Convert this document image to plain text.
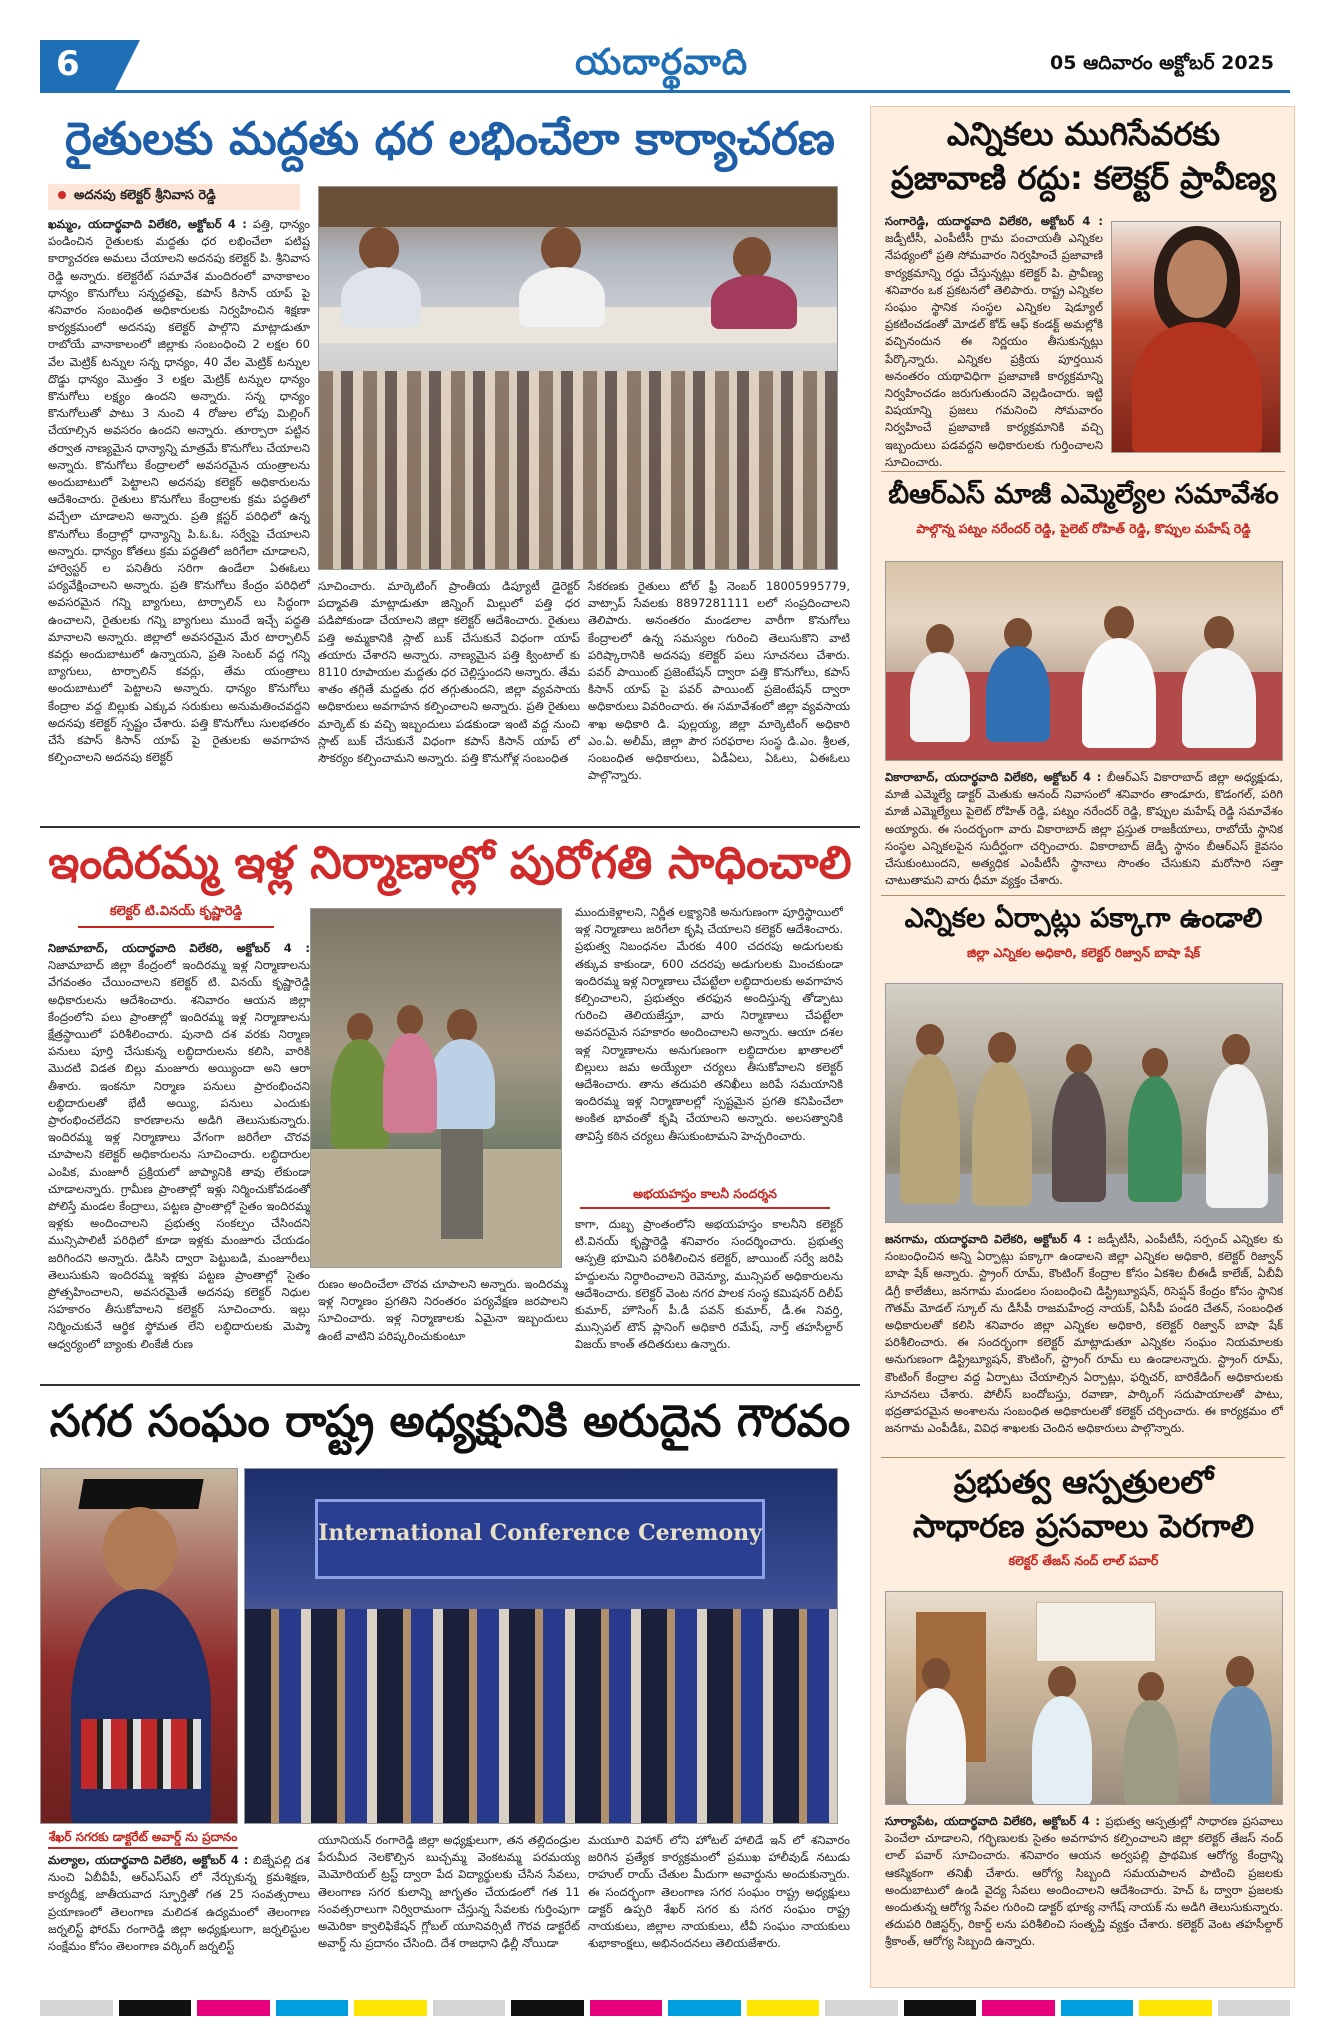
6	యదార్థవాది	05 ఆదివారం అక్టోబర్ 2025
రైతులకు మద్దతు ధర లభించేలా కార్యాచరణ
అదనపు కలెక్టర్ శ్రీనివాస రెడ్డి
ఖమ్మం, యదార్థవాది విలేకరి, అక్టోబర్ 4 : పత్తి, ధాన్యం పండించిన రైతులకు మద్దతు ధర లభించేలా పటిష్ట కార్యాచరణ అమలు చేయాలని అదనపు కలెక్టర్ పి. శ్రీనివాస రెడ్డి అన్నారు. కలెక్టరేట్ సమావేశ మందిరంలో వానాకాలం ధాన్యం కొనుగోలు సన్నద్ధతపై, కపాస్ కిసాన్ యాప్ పై శనివారం సంబంధిత అధికారులకు నిర్వహించిన శిక్షణా కార్యక్రమంలో అదనపు కలెక్టర్ పాల్గొని మాట్లాడుతూ రాబోయే వానాకాలంలో జిల్లాకు సంబంధించి 2 లక్షల 60 వేల మెట్రిక్ టన్నుల సన్న ధాన్యం, 40 వేల మెట్రిక్ టన్నుల దొడ్డు ధాన్యం మొత్తం 3 లక్షల మెట్రిక్ టన్నుల ధాన్యం కొనుగోలు లక్ష్యం ఉందని అన్నారు. సన్న ధాన్యం కొనుగోలుతో పాటు 3 నుంచి 4 రోజుల లోపు మిల్లింగ్ చేయాల్సిన అవసరం ఉందని అన్నారు. తూర్పారా పట్టిన తర్వాత నాణ్యమైన ధాన్యాన్ని మాత్రమే కొనుగోలు చేయాలని అన్నారు. కొనుగోలు కేంద్రాలలో అవసరమైన యంత్రాలను అందుబాటులో పెట్టాలని అదనపు కలెక్టర్ అధికారులను ఆదేశించారు. రైతులు కొనుగోలు కేంద్రాలకు క్రమ పద్ధతిలో వచ్చేలా చూడాలని అన్నారు. ప్రతి క్లస్టర్ పరిధిలో ఉన్న కొనుగోలు కేంద్రాల్లో ధాన్యాన్ని పి.ఓ.ఓ. సర్వేపై చేయాలని అన్నారు. ధాన్యం కోతలు క్రమ పద్ధతిలో జరిగేలా చూడాలని, హార్వెస్టర్ ల పనితీరు సరిగా ఉండేలా ఏఈఓలు పర్యవేక్షించాలని అన్నారు. ప్రతి కొనుగోలు కేంద్రం పరిధిలో అవసరమైన గన్ని బ్యాగులు, టార్పాలిన్ లు సిద్ధంగా ఉంచాలని, రైతులకు గన్ని బ్యాగులు ముందే ఇచ్చే పద్ధతి మానాలని అన్నారు. జిల్లాలో అవసరమైన మేర టార్పాలిన్ కవర్లు అందుబాటులో ఉన్నాయని, ప్రతి సెంటర్ వద్ద గన్ని బ్యాగులు, టార్పాలిన్ కవర్లు, తేమ యంత్రాలు అందుబాటులో పెట్టాలని అన్నారు. ధాన్యం కొనుగోలు కేంద్రాల వద్ద బిల్లుకు ఎక్కువ సరుకులు అనుమతించవద్దని అదనపు కలెక్టర్ స్పష్టం చేశారు. పత్తి కొనుగోలు సులభతరం చేసే కపాస్ కిసాన్ యాప్ పై రైతులకు అవగాహన కల్పించాలని అదనపు కలెక్టర్
సూచించారు. మార్కెటింగ్ ప్రాంతీయ డిప్యూటీ డైరెక్టర్ పద్మావతి మాట్లాడుతూ జిన్నింగ్ మిల్లులో పత్తి ధర పడిపోకుండా చేయాలని జిల్లా కలెక్టర్ ఆదేశించారు. రైతులు పత్తి అమ్మకానికి స్లాట్ బుక్ చేసుకునే విధంగా యాప్ తయారు చేశారని అన్నారు. నాణ్యమైన పత్తి క్వింటాల్ కు 8110 రూపాయల మద్దతు ధర చెల్లిస్తుందని అన్నారు. తేమ శాతం తగ్గితే మద్దతు ధర తగ్గుతుందని, జిల్లా వ్యవసాయ అధికారులు అవగాహన కల్పించాలని అన్నారు. ప్రతి రైతులు మార్కెట్ కు వచ్చి ఇబ్బందులు పడకుండా ఇంటి వద్ద నుంచి స్లాట్ బుక్ చేసుకునే విధంగా కపాస్ కిసాన్ యాప్ లో సౌకర్యం కల్పించామని అన్నారు. పత్తి కొనుగోళ్ల సంబంధిత
సేకరణకు రైతులు టోల్ ఫ్రీ నెంబర్ 18005995779, వాట్సాప్ సేవలకు 8897281111 లలో సంప్రదించాలని తెలిపారు. అనంతరం మండలాల వారీగా కొనుగోలు కేంద్రాలలో ఉన్న సమస్యల గురించి తెలుసుకొని వాటి పరిష్కారానికి అదనపు కలెక్టర్ పలు సూచనలు చేశారు. పవర్ పాయింట్ ప్రజెంటేషన్ ద్వారా పత్తి కొనుగోలు, కపాస్ కిసాన్ యాప్ పై పవర్ పాయింట్ ప్రజెంటేషన్ ద్వారా అధికారులు వివరించారు. ఈ సమావేశంలో జిల్లా వ్యవసాయ శాఖ అధికారి డి. పుల్లయ్య, జిల్లా మార్కెటింగ్ అధికారి ఎం.ఏ. అలీమ్, జిల్లా పౌర సరఫరాల సంస్థ డి.ఎం. శ్రీలత, సంబంధిత అధికారులు, ఏడీఏలు, ఏఓలు, ఏఈఓలు పాల్గొన్నారు.
ఇందిరమ్మ ఇళ్ల నిర్మాణాల్లో పురోగతి సాధించాలి
కలెక్టర్ టి.వినయ్ కృష్ణారెడ్డి
నిజామాబాద్, యదార్థవాది విలేకరి, అక్టోబర్ 4 : నిజామాబాద్ జిల్లా కేంద్రంలో ఇందిరమ్మ ఇళ్ల నిర్మాణాలను వేగవంతం చేయించాలని కలెక్టర్ టి. వినయ్ కృష్ణారెడ్డి అధికారులను ఆదేశించారు. శనివారం ఆయన జిల్లా కేంద్రంలోని పలు ప్రాంతాల్లో ఇందిరమ్మ ఇళ్ల నిర్మాణాలను క్షేత్రస్థాయిలో పరిశీలించారు. పునాది దశ వరకు నిర్మాణ పనులు పూర్తి చేసుకున్న లబ్ధిదారులను కలిసి, వారికి మొదటి విడత బిల్లు మంజూరు అయ్యిందా అని ఆరా తీశారు. ఇంకనూ నిర్మాణ పనులు ప్రారంభించని లబ్ధిదారులతో భేటీ అయ్యి, పనులు ఎందుకు ప్రారంభించలేదని కారణాలను అడిగి తెలుసుకున్నారు. ఇందిరమ్మ ఇళ్ల నిర్మాణాలు వేగంగా జరిగేలా చొరవ చూపాలని కలెక్టర్ అధికారులను సూచించారు. లబ్ధిదారుల ఎంపిక, మంజూరీ ప్రక్రియలో జాప్యానికి తావు లేకుండా చూడాలన్నారు. గ్రామీణ ప్రాంతాల్లో ఇళ్లు నిర్మించుకోవడంతో పోలిస్తే మండల కేంద్రాలు, పట్టణ ప్రాంతాల్లో సైతం ఇందిరమ్మ ఇళ్లకు అందించాలని ప్రభుత్వ సంకల్పం చేసిందని మున్సిపాలిటీ పరిధిలో కూడా ఇళ్లకు మంజూరు చేయడం జరిగిందని అన్నారు. డిసిసి ద్వారా పెట్టుబడి, మంజూరీలు తెలుసుకుని ఇందిరమ్మ ఇళ్లకు పట్టణ ప్రాంతాల్లో సైతం ప్రోత్సహించాలని, అవసరమైతే అదనపు కలెక్టర్ నిధుల సహకారం తీసుకోవాలని కలెక్టర్ సూచించారు. ఇల్లు నిర్మించుకునే ఆర్థిక స్థోమత లేని లబ్ధిదారులకు మెప్మా ఆధ్వర్యంలో బ్యాంకు లింకేజీ రుణ
రుణం అందించేలా చొరవ చూపాలని అన్నారు. ఇందిరమ్మ ఇళ్ల నిర్మాణం ప్రగతిని నిరంతరం పర్యవేక్షణ జరపాలని సూచించారు. ఇళ్ల నిర్మాణాలకు ఏమైనా ఇబ్బందులు ఉంటే వాటిని పరిష్కరించుకుంటూ
ముందుకెళ్లాలని, నిర్ణీత లక్ష్యానికి అనుగుణంగా పూర్తిస్థాయిలో ఇళ్ల నిర్మాణాలు జరిగేలా కృషి చేయాలని కలెక్టర్ ఆదేశించారు. ప్రభుత్వ నిబంధనల మేరకు 400 చదరపు అడుగులకు తక్కువ కాకుండా, 600 చదరపు అడుగులకు మించకుండా ఇందిరమ్మ ఇళ్ల నిర్మాణాలు చేపట్టేలా లబ్ధిదారులకు అవగాహన కల్పించాలని, ప్రభుత్వం తరఫున అందిస్తున్న తోడ్పాటు గురించి తెలియజేస్తూ, వారు నిర్మాణాలు చేపట్టేలా అవసరమైన సహకారం అందించాలని అన్నారు. ఆయా దశల ఇళ్ల నిర్మాణాలను అనుగుణంగా లబ్ధిదారుల ఖాతాలలో బిల్లులు జమ అయ్యేలా చర్యలు తీసుకోవాలని కలెక్టర్ ఆదేశించారు. తాను తదుపరి తనిఖీలు జరిపే సమయానికి ఇందిరమ్మ ఇళ్ల నిర్మాణాలల్లో స్పష్టమైన ప్రగతి కనిపించేలా అంకిత భావంతో కృషి చేయాలని అన్నారు. అలసత్వానికి తావిస్తే కఠిన చర్యలు తీసుకుంటామని హెచ్చరించారు.
అభయహస్తం కాలనీ సందర్శన
కాగా, దుబ్బ ప్రాంతంలోని అభయహస్తం కాలనీని కలెక్టర్ టి.వినయ్ కృష్ణారెడ్డి శనివారం సందర్శించారు. ప్రభుత్వ ఆస్పత్రి భూమిని పరిశీలించిన కలెక్టర్, జాయింట్ సర్వే జరిపి హద్దులను నిర్ధారించాలని రెవెన్యూ, మున్సిపల్ అధికారులను ఆదేశించారు. కలెక్టర్ వెంట నగర పాలక సంస్థ కమిషనర్ దిలీప్ కుమార్, హౌసింగ్ పీ.డీ పవన్ కుమార్, డీ.ఈ నివర్తి, మున్సిపల్ టౌన్ ప్లానింగ్ అధికారి రమేష్, నార్త్ తహసీల్దార్ విజయ్ కాంత్ తదితరులు ఉన్నారు.
సగర సంఘం రాష్ట్ర అధ్యక్షునికి అరుదైన గౌరవం
International Conference Ceremony
శేఖర్ సగరకు డాక్టరేట్ అవార్డ్ ను ప్రదానం
మల్యాల, యదార్థవాది విలేకరి, అక్టోబర్ 4 : బిజ్నేపల్లి దశ నుంచి ఏబీవీపీ, ఆర్ఎస్ఎస్ లో నేర్చుకున్న క్రమశిక్షణ, కార్యదీక్ష, జాతీయవాద స్ఫూర్తితో గత 25 సంవత్సరాలు ప్రయాణంలో తెలంగాణ మలిదశ ఉద్యమంలో తెలంగాణ జర్నలిస్ట్ ఫోరమ్ రంగారెడ్డి జిల్లా అధ్యక్షులుగా, జర్నలిస్టుల సంక్షేమం కోసం తెలంగాణ వర్కింగ్ జర్నలిస్ట్
యూనియన్ రంగారెడ్డి జిల్లా అధ్యక్షులుగా, తన తల్లిదండ్రుల పేరుమీద నెలకొల్పిన బుచ్చమ్మ వెంకటమ్మ పరమయ్య మెమోరియల్ ట్రస్ట్ ద్వారా పేద విద్యార్థులకు చేసిన సేవలు, తెలంగాణ సగర కులాన్ని జాగృతం చేయడంలో గత 11 సంవత్సరాలుగా నిర్విరామంగా చేస్తున్న సేవలకు గుర్తింపుగా అమెరికా క్వాలిఫికేషన్ గ్లోబల్ యూనివర్సిటీ గౌరవ డాక్టరేట్ అవార్డ్ ను ప్రదానం చేసింది. దేశ రాజధాని ఢిల్లీ నోయిడా
మయూరి విహార్ లోని హోటల్ హాలిడే ఇన్ లో శనివారం జరిగిన ప్రత్యేక కార్యక్రమంలో ప్రముఖ హాలీవుడ్ నటుడు రాహుల్ రాయ్ చేతుల మీదుగా అవార్డును అందుకున్నారు. ఈ సందర్భంగా తెలంగాణ సగర సంఘం రాష్ట్ర అధ్యక్షులు డాక్టర్ ఉప్పరి శేఖర్ సగర కు సగర సంఘం రాష్ట్ర నాయకులు, జిల్లాల నాయకులు, టీవీ సంఘం నాయకులు శుభాకాంక్షలు, అభినందనలు తెలియజేశారు.
ఎన్నికలు ముగిసేవరకు
ప్రజావాణి రద్దు: కలెక్టర్ ప్రావీణ్య
సంగారెడ్డి, యదార్థవాది విలేకరి, అక్టోబర్ 4 : జడ్పీటీసీ, ఎంపీటీసీ గ్రామ పంచాయతీ ఎన్నికల నేపథ్యంలో ప్రతి సోమవారం నిర్వహించే ప్రజావాణి కార్యక్రమాన్ని రద్దు చేస్తున్నట్లు కలెక్టర్ పి. ప్రావీణ్య శనివారం ఒక ప్రకటనలో తెలిపారు. రాష్ట్ర ఎన్నికల సంఘం స్థానిక సంస్థల ఎన్నికల షెడ్యూల్ ప్రకటించడంతో మోడల్ కోడ్ ఆఫ్ కండక్ట్ అమల్లోకి వచ్చినందున ఈ నిర్ణయం తీసుకున్నట్లు పేర్కొన్నారు. ఎన్నికల ప్రక్రియ పూర్తయిన అనంతరం యథావిధిగా ప్రజావాణి కార్యక్రమాన్ని నిర్వహించడం జరుగుతుందని వెల్లడించారు. ఇట్టి విషయాన్ని ప్రజలు గమనించి సోమవారం నిర్వహించే ప్రజావాణి కార్యక్రమానికి వచ్చి ఇబ్బందులు పడవద్దని అధికారులకు గుర్తించాలని సూచించారు.
బీఆర్ఎస్ మాజీ ఎమ్మెల్యేల సమావేశం
పాల్గొన్న పట్నం నరేందర్ రెడ్డి, పైలెట్ రోహిత్ రెడ్డి, కొప్పుల మహేష్ రెడ్డి
వికారాబాద్, యదార్థవాది విలేకరి, అక్టోబర్ 4 : బీఆర్ఎస్ వికారాబాద్ జిల్లా అధ్యక్షుడు, మాజీ ఎమ్మెల్యే డాక్టర్ మెతుకు ఆనంద్ నివాసంలో శనివారం తాండూరు, కొడంగల్, పరిగి మాజీ ఎమ్మెల్యేలు పైలెట్ రోహిత్ రెడ్డి, పట్నం నరేందర్ రెడ్డి, కొప్పుల మహేష్ రెడ్డి సమావేశం అయ్యారు. ఈ సందర్భంగా వారు వికారాబాద్ జిల్లా ప్రస్తుత రాజకీయాలు, రాబోయే స్థానిక సంస్థల ఎన్నికలపైన సుదీర్ఘంగా చర్చించారు. వికారాబాద్ జెడ్పీ స్థానం బీఆర్ఎస్ కైవసం చేసుకుంటుందని, అత్యధిక ఎంపీటీసీ స్థానాలు సొంతం చేసుకుని మరోసారి సత్తా చాటుతామని వారు ధీమా వ్యక్తం చేశారు.
ఎన్నికల ఏర్పాట్లు పక్కాగా ఉండాలి
జిల్లా ఎన్నికల అధికారి, కలెక్టర్ రిజ్వాన్ బాషా షేక్
జనగామ, యదార్థవాది విలేకరి, అక్టోబర్ 4 : జడ్పీటీసీ, ఎంపీటీసీ, సర్పంచ్ ఎన్నికల కు సంబంధించిన అన్ని ఏర్పాట్లు పక్కాగా ఉండాలని జిల్లా ఎన్నికల అధికారి, కలెక్టర్ రిజ్వాన్ బాషా షేక్ అన్నారు. స్ట్రాంగ్ రూమ్, కౌంటింగ్ కేంద్రాల కోసం ఏకశిల బీఈడీ కాలేజ్, ఏబీవీ డిగ్రీ కాలేజీలు, జనగామ మండలం సంబంధించి డిస్ట్రిబ్యూషన్, రిసెప్షన్ కేంద్రం కోసం స్థానిక గౌతమ్ మోడల్ స్కూల్ ను డీసీపీ రాజమహేంద్ర నాయక్, ఏసీపీ పండరి చేతన్, సంబంధిత అధికారులతో కలిసి శనివారం జిల్లా ఎన్నికల అధికారి, కలెక్టర్ రిజ్వాన్ బాషా షేక్ పరిశీలించారు. ఈ సందర్భంగా కలెక్టర్ మాట్లాడుతూ ఎన్నికల సంఘం నియమాలకు అనుగుణంగా డిస్ట్రిబ్యూషన్, కౌంటింగ్, స్ట్రాంగ్ రూమ్ లు ఉండాలన్నారు. స్ట్రాంగ్ రూమ్, కౌంటింగ్ కేంద్రాల వద్ద ఏర్పాటు చేయాల్సిన ఏర్పాట్లు, ఫర్నిచర్, బారికేడింగ్ అధికారులకు సూచనలు చేశారు. పోలీస్ బందోబస్తు, రవాణా, పార్కింగ్ సదుపాయాలతో పాటు, భద్రతాపరమైన అంశాలను సంబంధిత అధికారులతో కలెక్టర్ చర్చించారు. ఈ కార్యక్రమం లో జనగామ ఎంపీడీఓ, వివిధ శాఖలకు చెందిన అధికారులు పాల్గొన్నారు.
ప్రభుత్వ ఆస్పత్రులలో
సాధారణ ప్రసవాలు పెరగాలి
కలెక్టర్ తేజస్ నంద్ లాల్ పవార్
సూర్యాపేట, యదార్థవాది విలేకరి, అక్టోబర్ 4 : ప్రభుత్వ ఆస్పత్రుల్లో సాధారణ ప్రసవాలు పెంచేలా చూడాలని, గర్భిణులకు సైతం అవగాహన కల్పించాలని జిల్లా కలెక్టర్ తేజస్ నంద్ లాల్ పవార్ సూచించారు. శనివారం ఆయన అర్వపల్లి ప్రాథమిక ఆరోగ్య కేంద్రాన్ని ఆకస్మికంగా తనిఖీ చేశారు. ఆరోగ్య సిబ్బంది సమయపాలన పాటించి ప్రజలకు అందుబాటులో ఉండి వైద్య సేవలు అందించాలని ఆదేశించారు. హెచ్ ఓ ద్వారా ప్రజలకు అందుతున్న ఆరోగ్య సేవల గురించి డాక్టర్ భూక్య నాగేష్ నాయక్ ను అడిగి తెలుసుకున్నారు. తదుపరి రిజిస్టర్స్, రికార్డ్ లను పరిశీలించి సంతృప్తి వ్యక్తం చేశారు. కలెక్టర్ వెంట తహసీల్దార్ శ్రీకాంత్, ఆరోగ్య సిబ్బంది ఉన్నారు.
